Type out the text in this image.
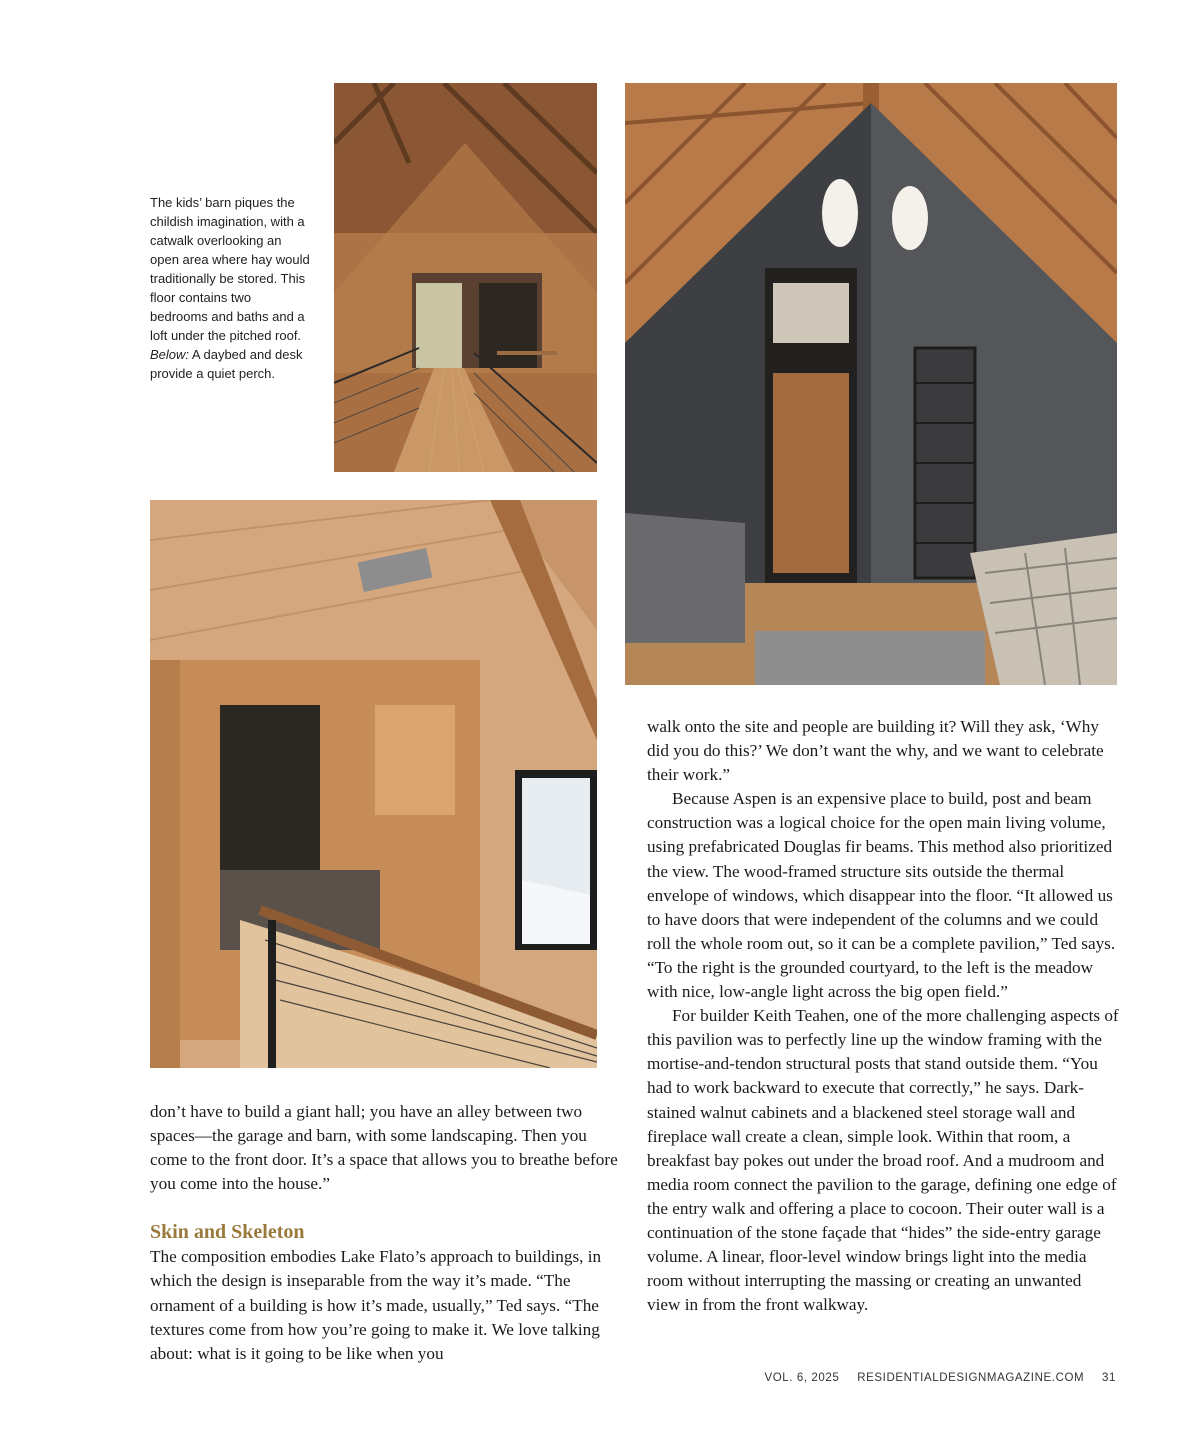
The kids’ barn piques the childish imagination, with a catwalk overlooking an open area where hay would traditionally be stored. This floor contains two bedrooms and baths and a loft under the pitched roof. Below: A daybed and desk provide a quiet perch.

don’t have to build a giant hall; you have an alley between two spaces—the garage and barn, with some landscaping. Then you come to the front door. It’s a space that allows you to breathe before you come into the house.”

Skin and Skeleton

The composition embodies Lake Flato’s approach to buildings, in which the design is inseparable from the way it’s made. “The ornament of a building is how it’s made, usually,” Ted says. “The textures come from how you’re going to make it. We love talking about: what is it going to be like when you

walk onto the site and people are building it? Will they ask, ‘Why did you do this?’ We don’t want the why, and we want to celebrate their work.”

Because Aspen is an expensive place to build, post and beam construction was a logical choice for the open main living volume, using prefabricated Douglas fir beams. This method also prioritized the view. The wood-framed structure sits outside the thermal envelope of windows, which disappear into the floor. “It allowed us to have doors that were independent of the columns and we could roll the whole room out, so it can be a complete pavilion,” Ted says. “To the right is the grounded courtyard, to the left is the meadow with nice, low-angle light across the big open field.”

For builder Keith Teahen, one of the more challenging aspects of this pavilion was to perfectly line up the window framing with the mortise-and-tendon structural posts that stand outside them. “You had to work backward to execute that correctly,” he says. Dark-stained walnut cabinets and a blackened steel storage wall and fireplace wall create a clean, simple look. Within that room, a breakfast bay pokes out under the broad roof. And a mudroom and media room connect the pavilion to the garage, defining one edge of the entry walk and offering a place to cocoon. Their outer wall is a continuation of the stone façade that “hides” the side-entry garage volume. A linear, floor-level window brings light into the media room without interrupting the massing or creating an unwanted view in from the front walkway.

VOL. 6, 2025 RESIDENTIALDESIGNMAGAZINE.COM 31
